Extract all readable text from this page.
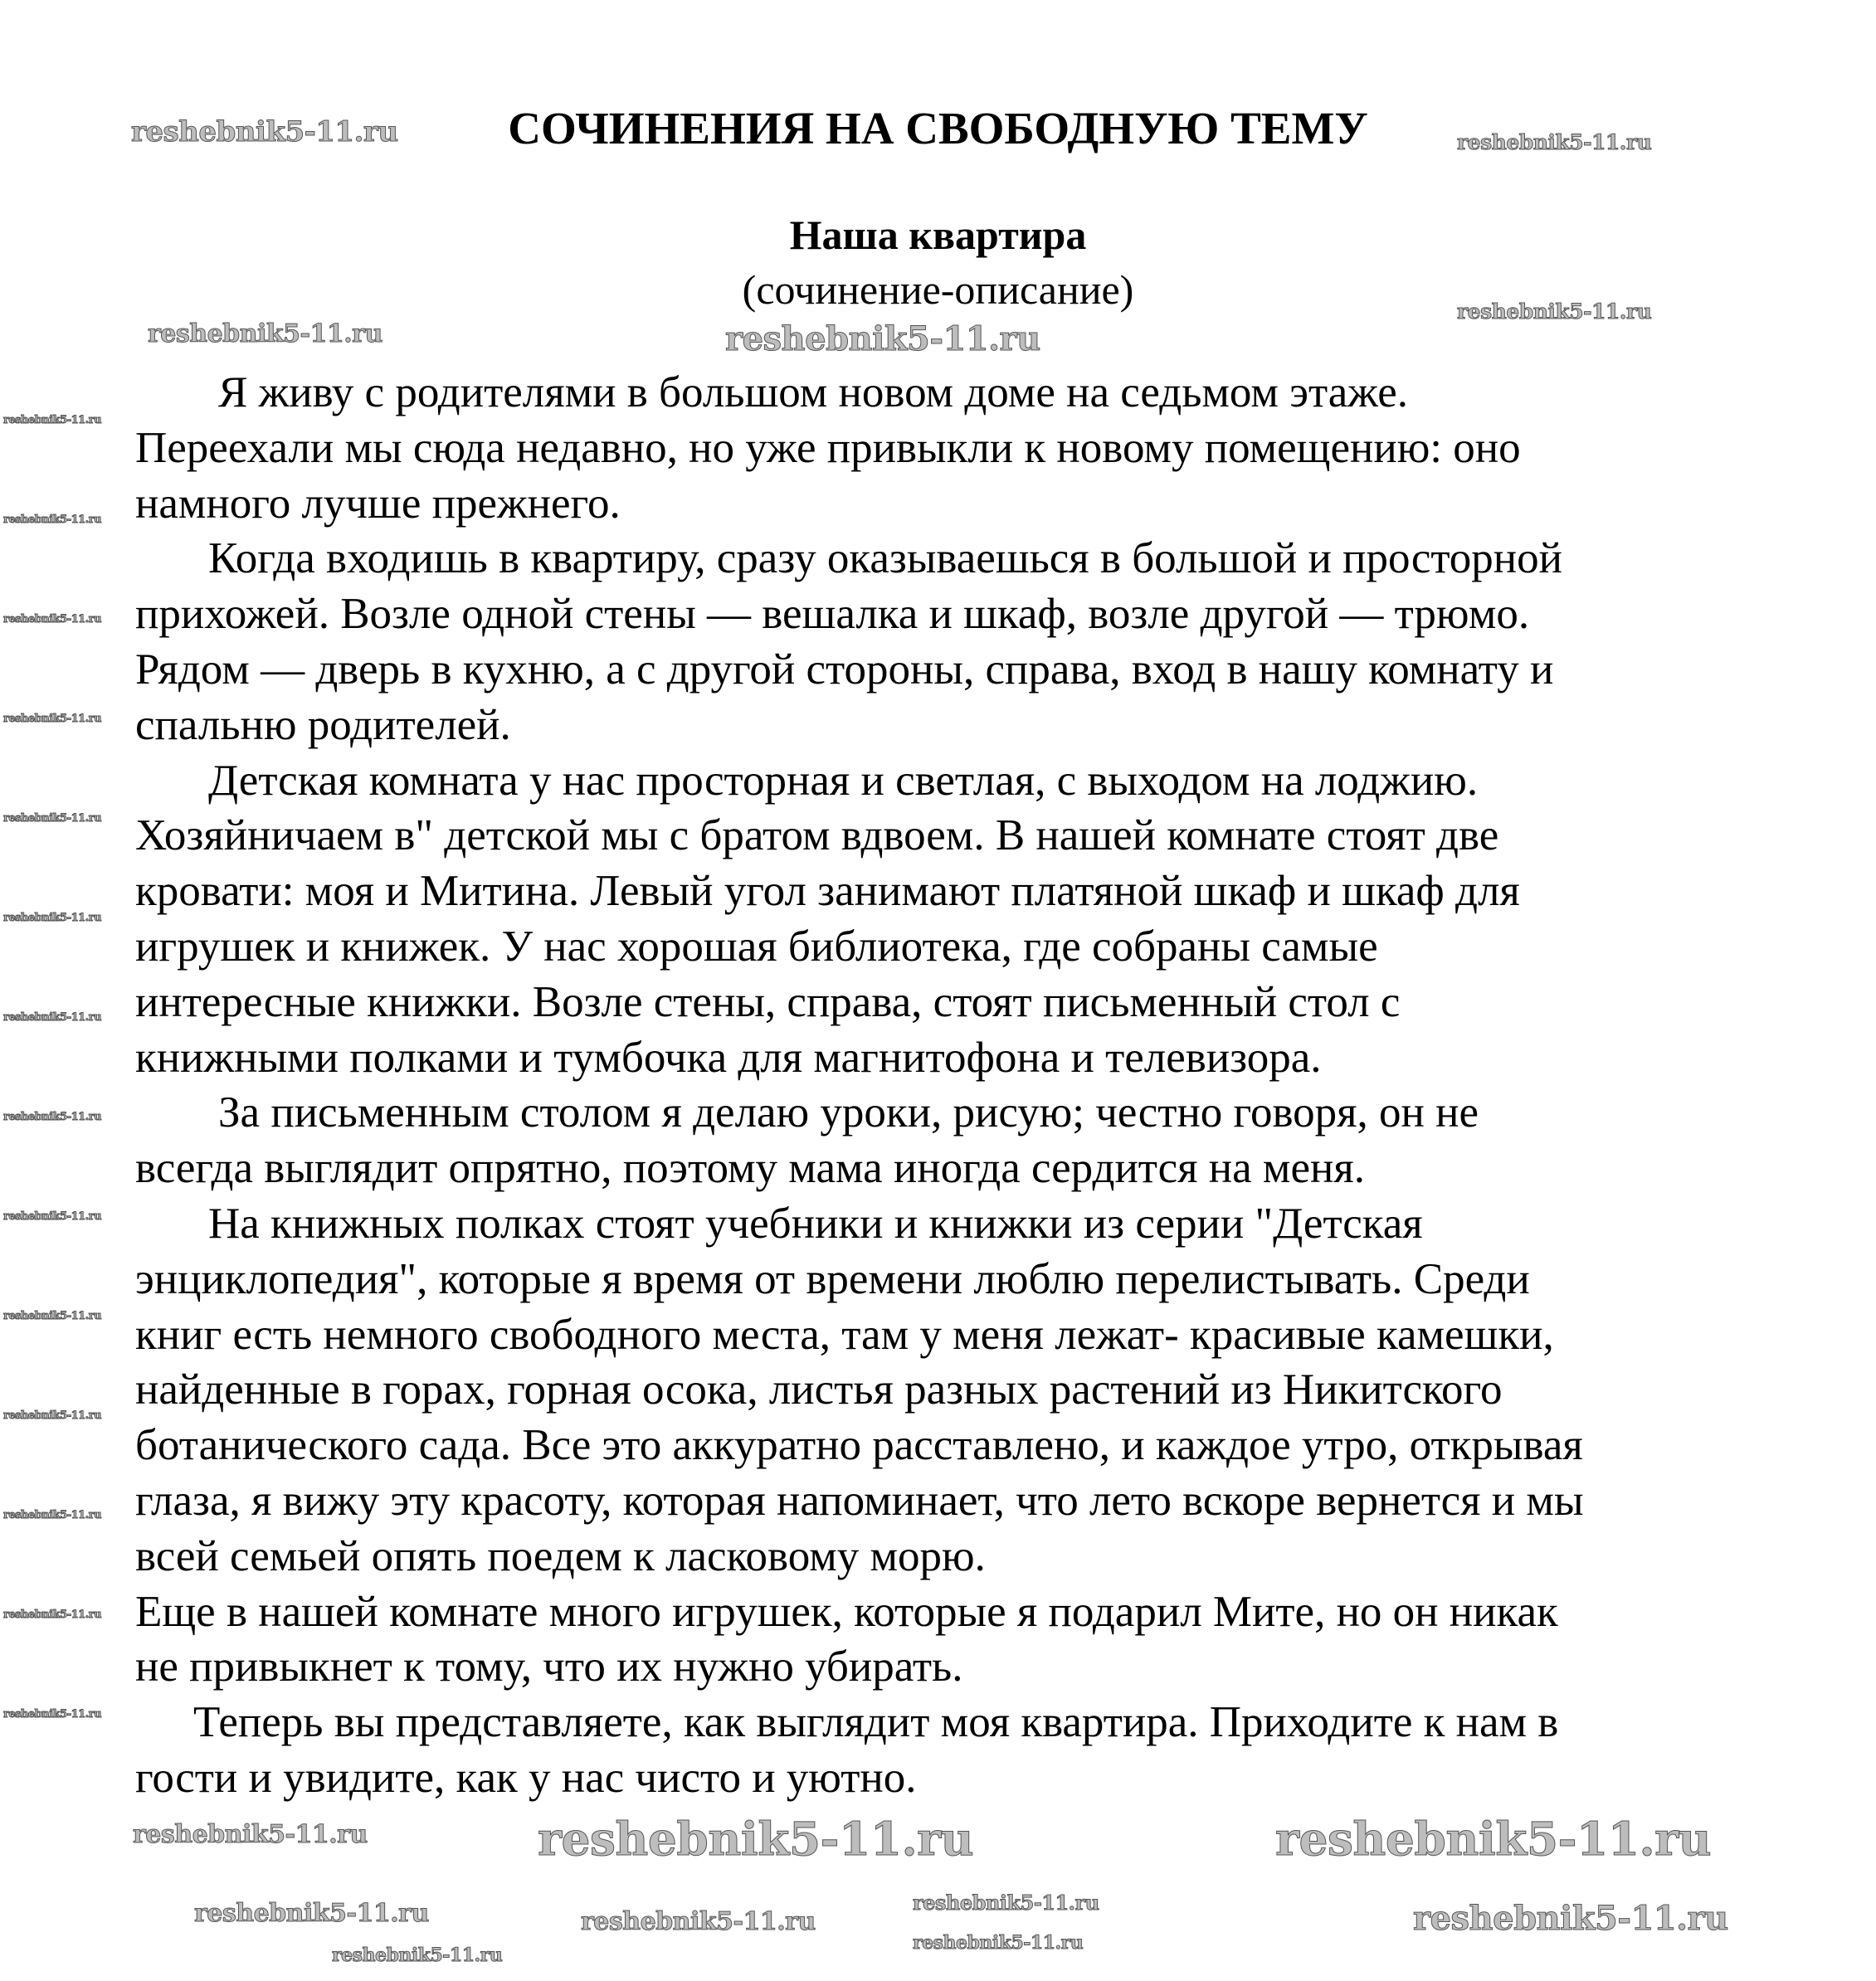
СОЧИНЕНИЯ НА СВОБОДНУЮ ТЕМУ
Наша квартира
(сочинение-описание)
Я живу с родителями в большом новом доме на седьмом этаже.
Переехали мы сюда недавно, но уже привыкли к новому помещению: оно
намного лучше прежнего.
Когда входишь в квартиру, сразу оказываешься в большой и просторной
прихожей. Возле одной стены — вешалка и шкаф, возле другой — трюмо.
Рядом — дверь в кухню, а с другой стороны, справа, вход в нашу комнату и
спальню родителей.
Детская комната у нас просторная и светлая, с выходом на лоджию.
Хозяйничаем в" детской мы с братом вдвоем. В нашей комнате стоят две
кровати: моя и Митина. Левый угол занимают платяной шкаф и шкаф для
игрушек и книжек. У нас хорошая библиотека, где собраны самые
интересные книжки. Возле стены, справа, стоят письменный стол с
книжными полками и тумбочка для магнитофона и телевизора.
За письменным столом я делаю уроки, рисую; честно говоря, он не
всегда выглядит опрятно, поэтому мама иногда сердится на меня.
На книжных полках стоят учебники и книжки из серии "Детская
энциклопедия", которые я время от времени люблю перелистывать. Среди
книг есть немного свободного места, там у меня лежат- красивые камешки,
найденные в горах, горная осока, листья разных растений из Никитского
ботанического сада. Все это аккуратно расставлено, и каждое утро, открывая
глаза, я вижу эту красоту, которая напоминает, что лето вскоре вернется и мы
всей семьей опять поедем к ласковому морю.
Еще в нашей комнате много игрушек, которые я подарил Мите, но он никак
не привыкнет к тому, что их нужно убирать.
Теперь вы представляете, как выглядит моя квартира. Приходите к нам в
гости и увидите, как у нас чисто и уютно.
reshebnik5-11.ru	reshebnik5-11.ru
reshebnik5-11.ru
reshebnik5-11.ru	reshebnik5-11.ru
reshebnik5-11.ru
reshebnik5-11.ru
reshebnik5-11.ru
reshebnik5-11.ru
reshebnik5-11.ru
reshebnik5-11.ru
reshebnik5-11.ru
reshebnik5-11.ru
reshebnik5-11.ru
reshebnik5-11.ru
reshebnik5-11.ru
reshebnik5-11.ru
reshebnik5-11.ru
reshebnik5-11.ru
reshebnik5-11.ru	reshebnik5-11.ru	reshebnik5-11.ru
reshebnik5-11.ru	reshebnik5-11.ru	reshebnik5-11.ru
reshebnik5-11.ru
reshebnik5-11.ru
reshebnik5-11.ru
